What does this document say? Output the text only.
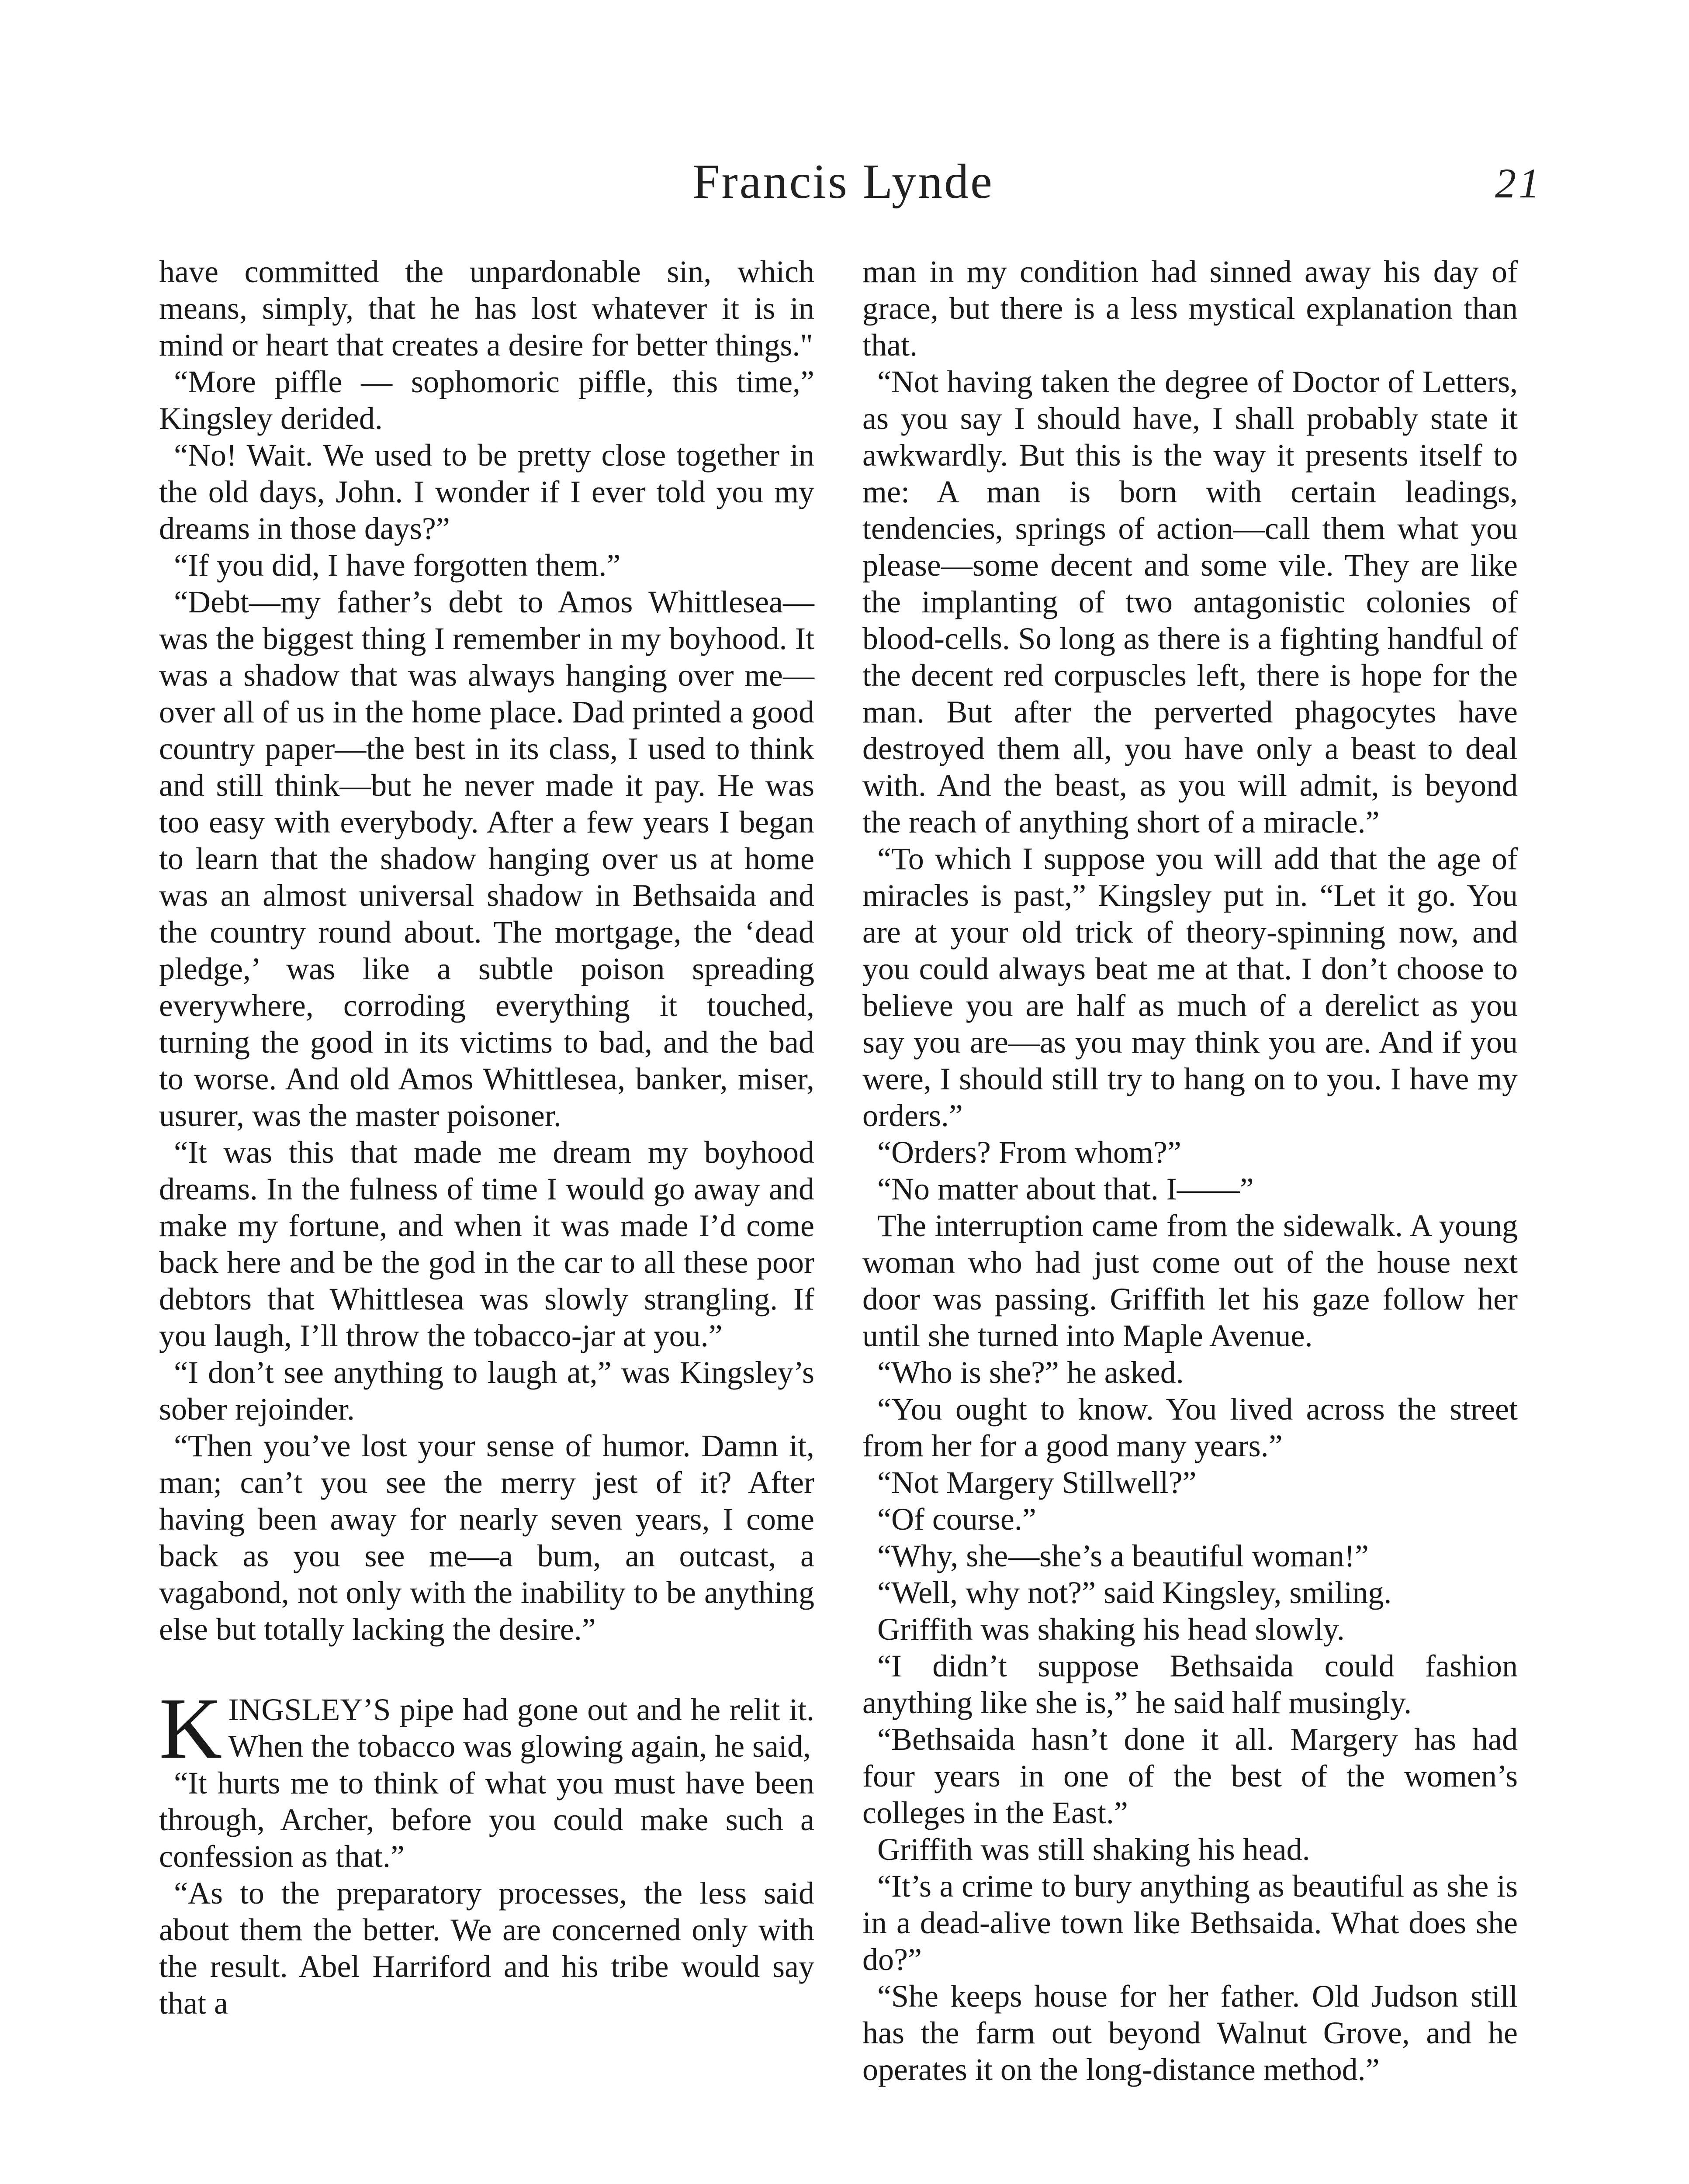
Francis Lynde	21

have committed the unpardonable sin, which means, simply, that he has lost whatever it is in mind or heart that creates a desire for better things."

“More piffle — sophomoric piffle, this time,” Kingsley derided.

“No! Wait. We used to be pretty close together in the old days, John. I wonder if I ever told you my dreams in those days?”

“If you did, I have forgotten them.”

“Debt—my father’s debt to Amos Whittlesea—was the biggest thing I remember in my boyhood. It was a shadow that was always hanging over me—over all of us in the home place. Dad printed a good country paper—the best in its class, I used to think and still think—but he never made it pay. He was too easy with everybody. After a few years I began to learn that the shadow hanging over us at home was an almost universal shadow in Bethsaida and the country round about. The mortgage, the ‘dead pledge,’ was like a subtle poison spreading everywhere, corroding everything it touched, turning the good in its victims to bad, and the bad to worse. And old Amos Whittlesea, banker, miser, usurer, was the master poisoner.

“It was this that made me dream my boyhood dreams. In the fulness of time I would go away and make my fortune, and when it was made I’d come back here and be the god in the car to all these poor debtors that Whittlesea was slowly strangling. If you laugh, I’ll throw the tobacco-jar at you.”

“I don’t see anything to laugh at,” was Kingsley’s sober rejoinder.

“Then you’ve lost your sense of humor. Damn it, man; can’t you see the merry jest of it? After having been away for nearly seven years, I come back as you see me—a bum, an outcast, a vagabond, not only with the inability to be anything else but totally lacking the desire.”

KINGSLEY’S pipe had gone out and he relit it. When the tobacco was glowing again, he said,

“It hurts me to think of what you must have been through, Archer, before you could make such a confession as that.”

“As to the preparatory processes, the less said about them the better. We are concerned only with the result. Abel Harriford and his tribe would say that a

man in my condition had sinned away his day of grace, but there is a less mystical explanation than that.

“Not having taken the degree of Doctor of Letters, as you say I should have, I shall probably state it awkwardly. But this is the way it presents itself to me: A man is born with certain leadings, tendencies, springs of action—call them what you please—some decent and some vile. They are like the implanting of two antagonistic colonies of blood-cells. So long as there is a fighting handful of the decent red corpuscles left, there is hope for the man. But after the perverted phagocytes have destroyed them all, you have only a beast to deal with. And the beast, as you will admit, is beyond the reach of anything short of a miracle.”

“To which I suppose you will add that the age of miracles is past,” Kingsley put in. “Let it go. You are at your old trick of theory-spinning now, and you could always beat me at that. I don’t choose to believe you are half as much of a derelict as you say you are—as you may think you are. And if you were, I should still try to hang on to you. I have my orders.”

“Orders? From whom?”

“No matter about that. I——”

The interruption came from the sidewalk. A young woman who had just come out of the house next door was passing. Griffith let his gaze follow her until she turned into Maple Avenue.

“Who is she?” he asked.

“You ought to know. You lived across the street from her for a good many years.”

“Not Margery Stillwell?”

“Of course.”

“Why, she—she’s a beautiful woman!”

“Well, why not?” said Kingsley, smiling.

Griffith was shaking his head slowly.

“I didn’t suppose Bethsaida could fashion anything like she is,” he said half musingly.

“Bethsaida hasn’t done it all. Margery has had four years in one of the best of the women’s colleges in the East.”

Griffith was still shaking his head.

“It’s a crime to bury anything as beautiful as she is in a dead-alive town like Bethsaida. What does she do?”

“She keeps house for her father. Old Judson still has the farm out beyond Walnut Grove, and he operates it on the long-distance method.”
